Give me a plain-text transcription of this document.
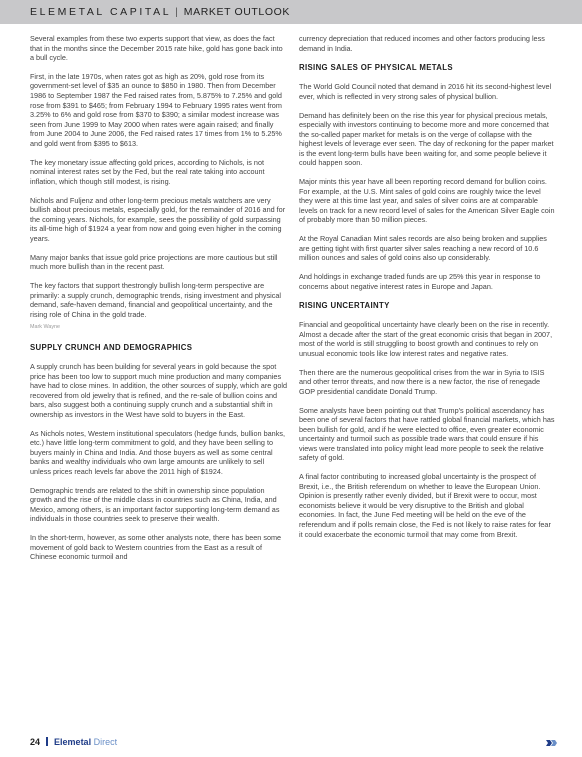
ELEMETAL CAPITAL | MARKET OUTLOOK

Several examples from these two experts support that view, as does the fact that in the months since the December 2015 rate hike, gold has gone back into a bull cycle.

First, in the late 1970s, when rates got as high as 20%, gold rose from its government-set level of $35 an ounce to $850 in 1980. Then from December 1986 to September 1987 the Fed raised rates from, 5.875% to 7.25% and gold rose from $391 to $465; from February 1994 to February 1995 rates went from 3.25% to 6% and gold rose from $370 to $390; a similar modest increase was seen from June 1999 to May 2000 when rates were again raised; and finally from June 2004 to June 2006, the Fed raised rates 17 times from 1% to 5.25% and gold went from $395 to $613.

The key monetary issue affecting gold prices, according to Nichols, is not nominal interest rates set by the Fed, but the real rate taking into account inflation, which though still modest, is rising.

Nichols and Fuljenz and other long-term precious metals watchers are very bullish about precious metals, especially gold, for the remainder of 2016 and for the coming years. Nichols, for example, sees the possibility of gold surpassing its all-time high of $1924 a year from now and going even higher in the coming years.

Many major banks that issue gold price projections are more cautious but still much more bullish than in the recent past.

The key factors that support thestrongly bullish long-term perspective are primarily: a supply crunch, demographic trends, rising investment and physical demand, safe-haven demand, financial and geopolitical uncertainty, and the rising role of China in the gold trade.

Mark Wayne
SUPPLY CRUNCH AND DEMOGRAPHICS

A supply crunch has been building for several years in gold because the spot price has been too low to support much mine production and many companies have had to close mines. In addition, the other sources of supply, which are gold recovered from old jewelry that is refined, and the re-sale of bullion coins and bars, also suggest both a continuing supply crunch and a substantial shift in ownership as investors in the West have sold to buyers in the East.

As Nichols notes, Western institutional speculators (hedge funds, bullion banks, etc.) have little long-term commitment to gold, and they have been selling to buyers mainly in China and India. And those buyers as well as some central banks and wealthy individuals who own large amounts are unlikely to sell unless prices reach levels far above the 2011 high of $1924.

Demographic trends are related to the shift in ownership since population growth and the rise of the middle class in countries such as China, India, and Mexico, among others, is an important factor supporting long-term demand as individuals in those countries seek to preserve their wealth.

In the short-term, however, as some other analysts note, there has been some movement of gold back to Western countries from the East as a result of Chinese economic turmoil and

currency depreciation that reduced incomes and other factors producing less demand in India.

RISING SALES OF PHYSICAL METALS

The World Gold Council noted that demand in 2016 hit its second-highest level ever, which is reflected in very strong sales of physical bullion.

Demand has definitely been on the rise this year for physical precious metals, especially with investors continuing to become more and more concerned that the so-called paper market for metals is on the verge of collapse with the highest levels of leverage ever seen. The day of reckoning for the paper market is the event long-term bulls have been waiting for, and some people believe it could happen soon.

Major mints this year have all been reporting record demand for bullion coins. For example, at the U.S. Mint sales of gold coins are roughly twice the level they were at this time last year, and sales of silver coins are at comparable levels on track for a new record level of sales for the American Silver Eagle coin of probably more than 50 million pieces.

At the Royal Canadian Mint sales records are also being broken and supplies are getting tight with first quarter silver sales reaching a new record of 10.6 million ounces and sales of gold coins also up considerably.

And holdings in exchange traded funds are up 25% this year in response to concerns about negative interest rates in Europe and Japan.

RISING UNCERTAINTY

Financial and geopolitical uncertainty have clearly been on the rise in recently. Almost a decade after the start of the great economic crisis that began in 2007, most of the world is still struggling to boost growth and continues to rely on unusual economic tools like low interest rates and negative rates.

Then there are the numerous geopolitical crises from the war in Syria to ISIS and other terror threats, and now there is a new factor, the rise of renegade GOP presidential candidate Donald Trump.

Some analysts have been pointing out that Trump's political ascendancy has been one of several factors that have rattled global financial markets, which has been bullish for gold, and if he were elected to office, even greater economic uncertainty and turmoil such as possible trade wars that could ensure if his views were translated into policy might lead more people to seek the relative safety of gold.

A final factor contributing to increased global uncertainty is the prospect of Brexit, i.e., the British referendum on whether to leave the European Union. Opinion is presently rather evenly divided, but if Brexit were to occur, most economists believe it would be very disruptive to the British and global economies. In fact, the June Fed meeting will be held on the eve of the referendum and if polls remain close, the Fed is not likely to raise rates for fear it could exacerbate the economic turmoil that may come from Brexit.

24 Elemetal Direct
